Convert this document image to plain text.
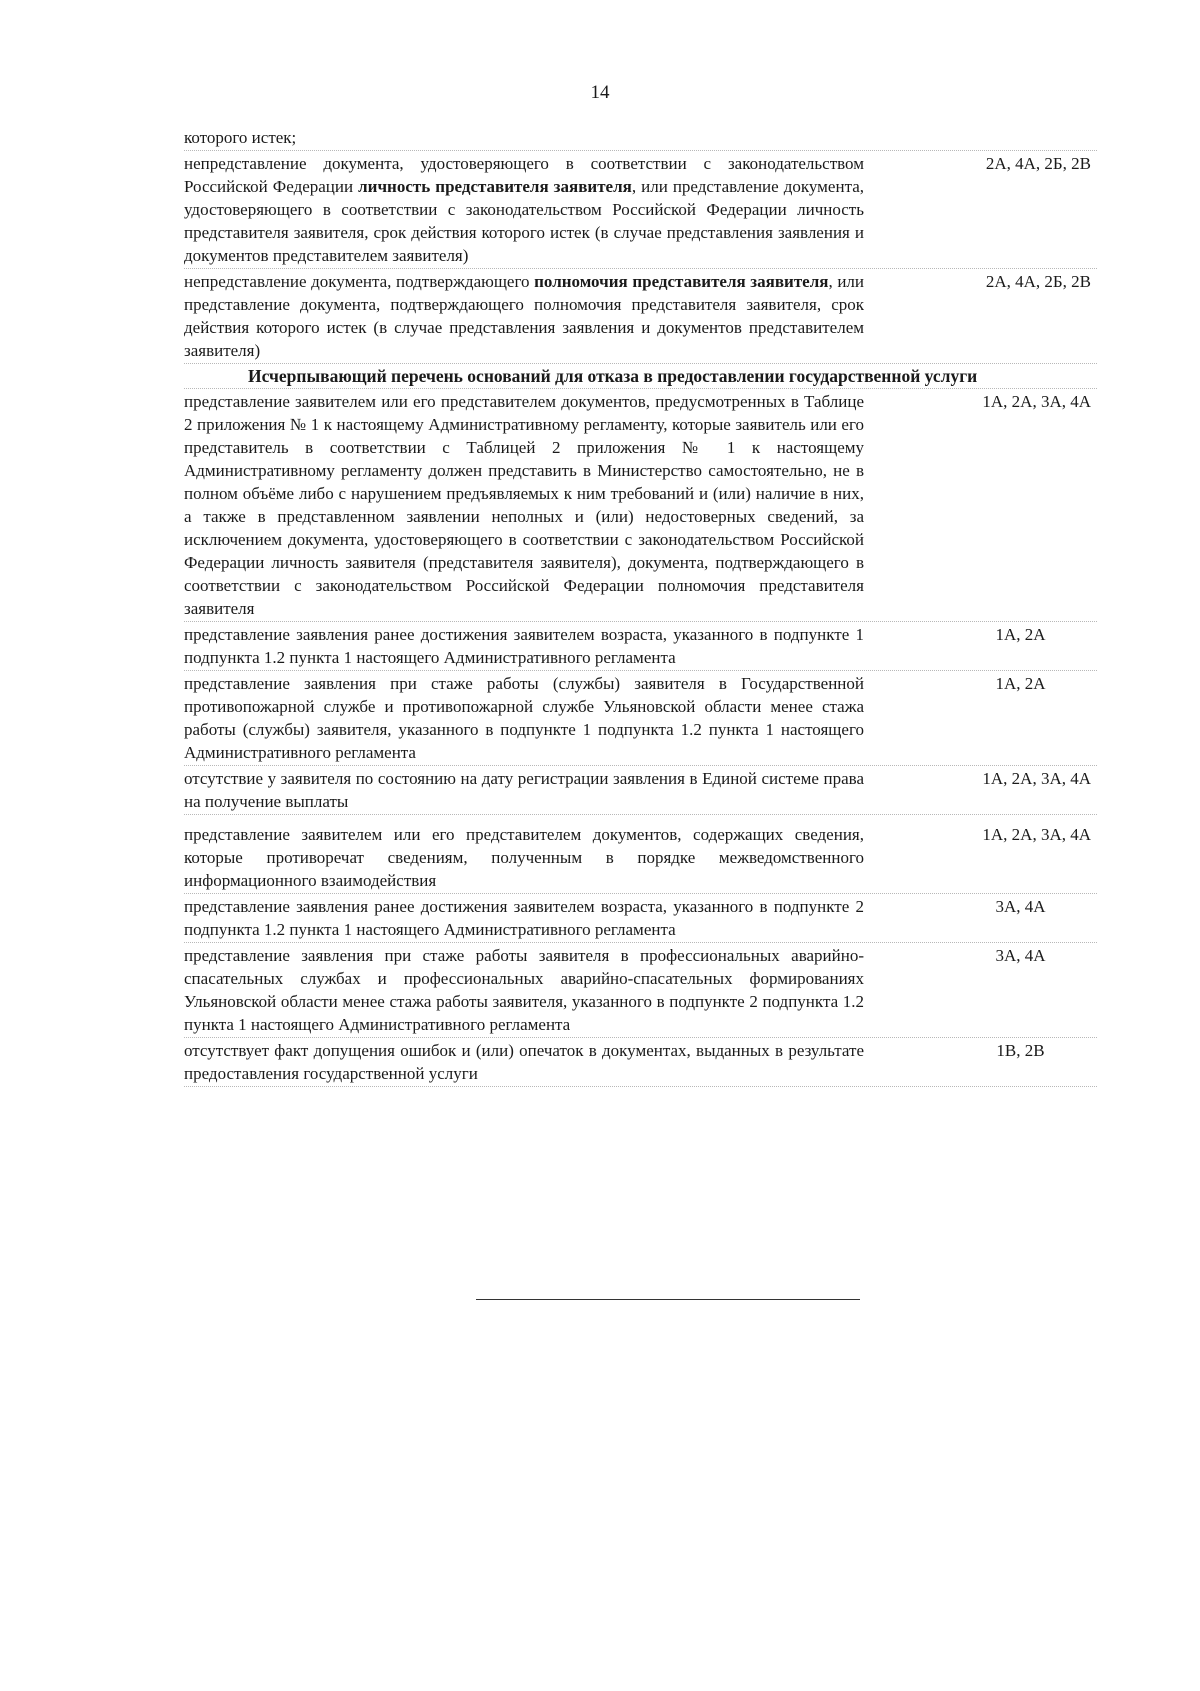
14
которого истек;
непредставление документа, удостоверяющего в соответствии с законодательством Российской Федерации личность представителя заявителя, или представление документа, удостоверяющего в соответствии с законодательством Российской Федерации личность представителя заявителя, срок действия которого истек (в случае представления заявления и документов представителем заявителя)
2А, 4А, 2Б, 2В
непредставление документа, подтверждающего полномочия представителя заявителя, или представление документа, подтверждающего полномочия представителя заявителя, срок действия которого истек (в случае представления заявления и документов представителем заявителя)
2А, 4А, 2Б, 2В
Исчерпывающий перечень оснований для отказа в предоставлении государственной услуги
представление заявителем или его представителем документов, предусмотренных в Таблице 2 приложения № 1 к настоящему Административному регламенту, которые заявитель или его представитель в соответствии с Таблицей 2 приложения № 1 к настоящему Административному регламенту должен представить в Министерство самостоятельно, не в полном объёме либо с нарушением предъявляемых к ним требований и (или) наличие в них, а также в представленном заявлении неполных и (или) недостоверных сведений, за исключением документа, удостоверяющего в соответствии с законодательством Российской Федерации личность заявителя (представителя заявителя), документа, подтверждающего в соответствии с законодательством Российской Федерации полномочия представителя заявителя
1А, 2А, 3А, 4А
представление заявления ранее достижения заявителем возраста, указанного в подпункте 1 подпункта 1.2 пункта 1 настоящего Административного регламента
1А, 2А
представление заявления при стаже работы (службы) заявителя в Государственной противопожарной службе и противопожарной службе Ульяновской области менее стажа работы (службы) заявителя, указанного в подпункте 1 подпункта 1.2 пункта 1 настоящего Административного регламента
1А, 2А
отсутствие у заявителя по состоянию на дату регистрации заявления в Единой системе права на получение выплаты
1А, 2А, 3А, 4А
представление заявителем или его представителем документов, содержащих сведения, которые противоречат сведениям, полученным в порядке межведомственного информационного взаимодействия
1А, 2А, 3А, 4А
представление заявления ранее достижения заявителем возраста, указанного в подпункте 2 подпункта 1.2 пункта 1 настоящего Административного регламента
3А, 4А
представление заявления при стаже работы заявителя в профессиональных аварийно-спасательных службах и профессиональных аварийно-спасательных формированиях Ульяновской области менее стажа работы заявителя, указанного в подпункте 2 подпункта 1.2 пункта 1 настоящего Административного регламента
3А, 4А
отсутствует факт допущения ошибок и (или) опечаток в документах, выданных в результате предоставления государственной услуги
1В, 2В
